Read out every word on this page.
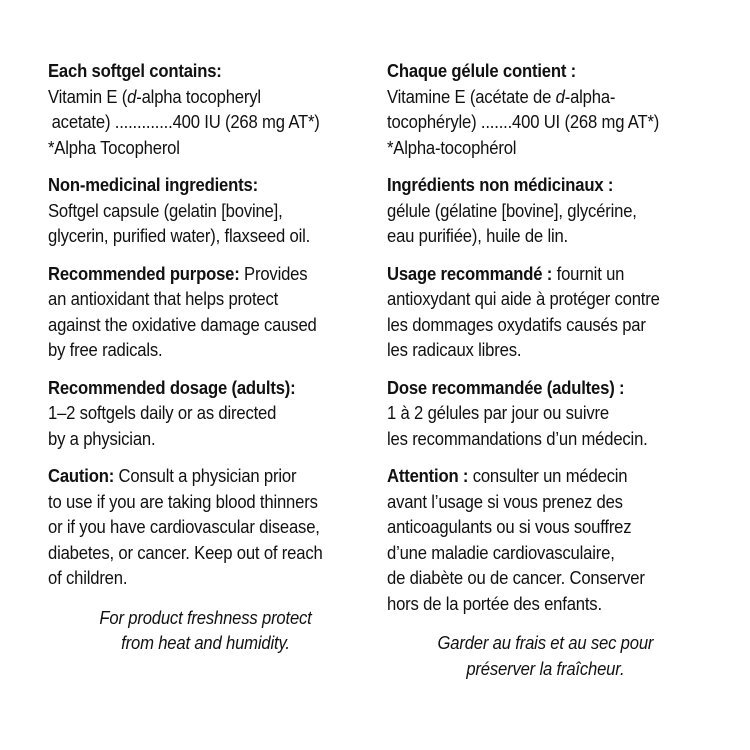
Each softgel contains:
Vitamin E (d-alpha tocopheryl
acetate) .............400 IU (268 mg AT*)
*Alpha Tocopherol
Non-medicinal ingredients:
Softgel capsule (gelatin [bovine],
glycerin, purified water), flaxseed oil.
Recommended purpose: Provides
an antioxidant that helps protect
against the oxidative damage caused
by free radicals.
Recommended dosage (adults):
1–2 softgels daily or as directed
by a physician.
Caution: Consult a physician prior
to use if you are taking blood thinners
or if you have cardiovascular disease,
diabetes, or cancer. Keep out of reach
of children.
For product freshness protect
from heat and humidity.
Chaque gélule contient :
Vitamine E (acétate de d-alpha-
tocophéryle) .......400 UI (268 mg AT*)
*Alpha-tocophérol
Ingrédients non médicinaux :
gélule (gélatine [bovine], glycérine,
eau purifiée), huile de lin.
Usage recommandé : fournit un
antioxydant qui aide à protéger contre
les dommages oxydatifs causés par
les radicaux libres.
Dose recommandée (adultes) :
1 à 2 gélules par jour ou suivre
les recommandations d’un médecin.
Attention : consulter un médecin
avant l’usage si vous prenez des
anticoagulants ou si vous souffrez
d’une maladie cardiovasculaire,
de diabète ou de cancer. Conserver
hors de la portée des enfants.
Garder au frais et au sec pour
préserver la fraîcheur.
